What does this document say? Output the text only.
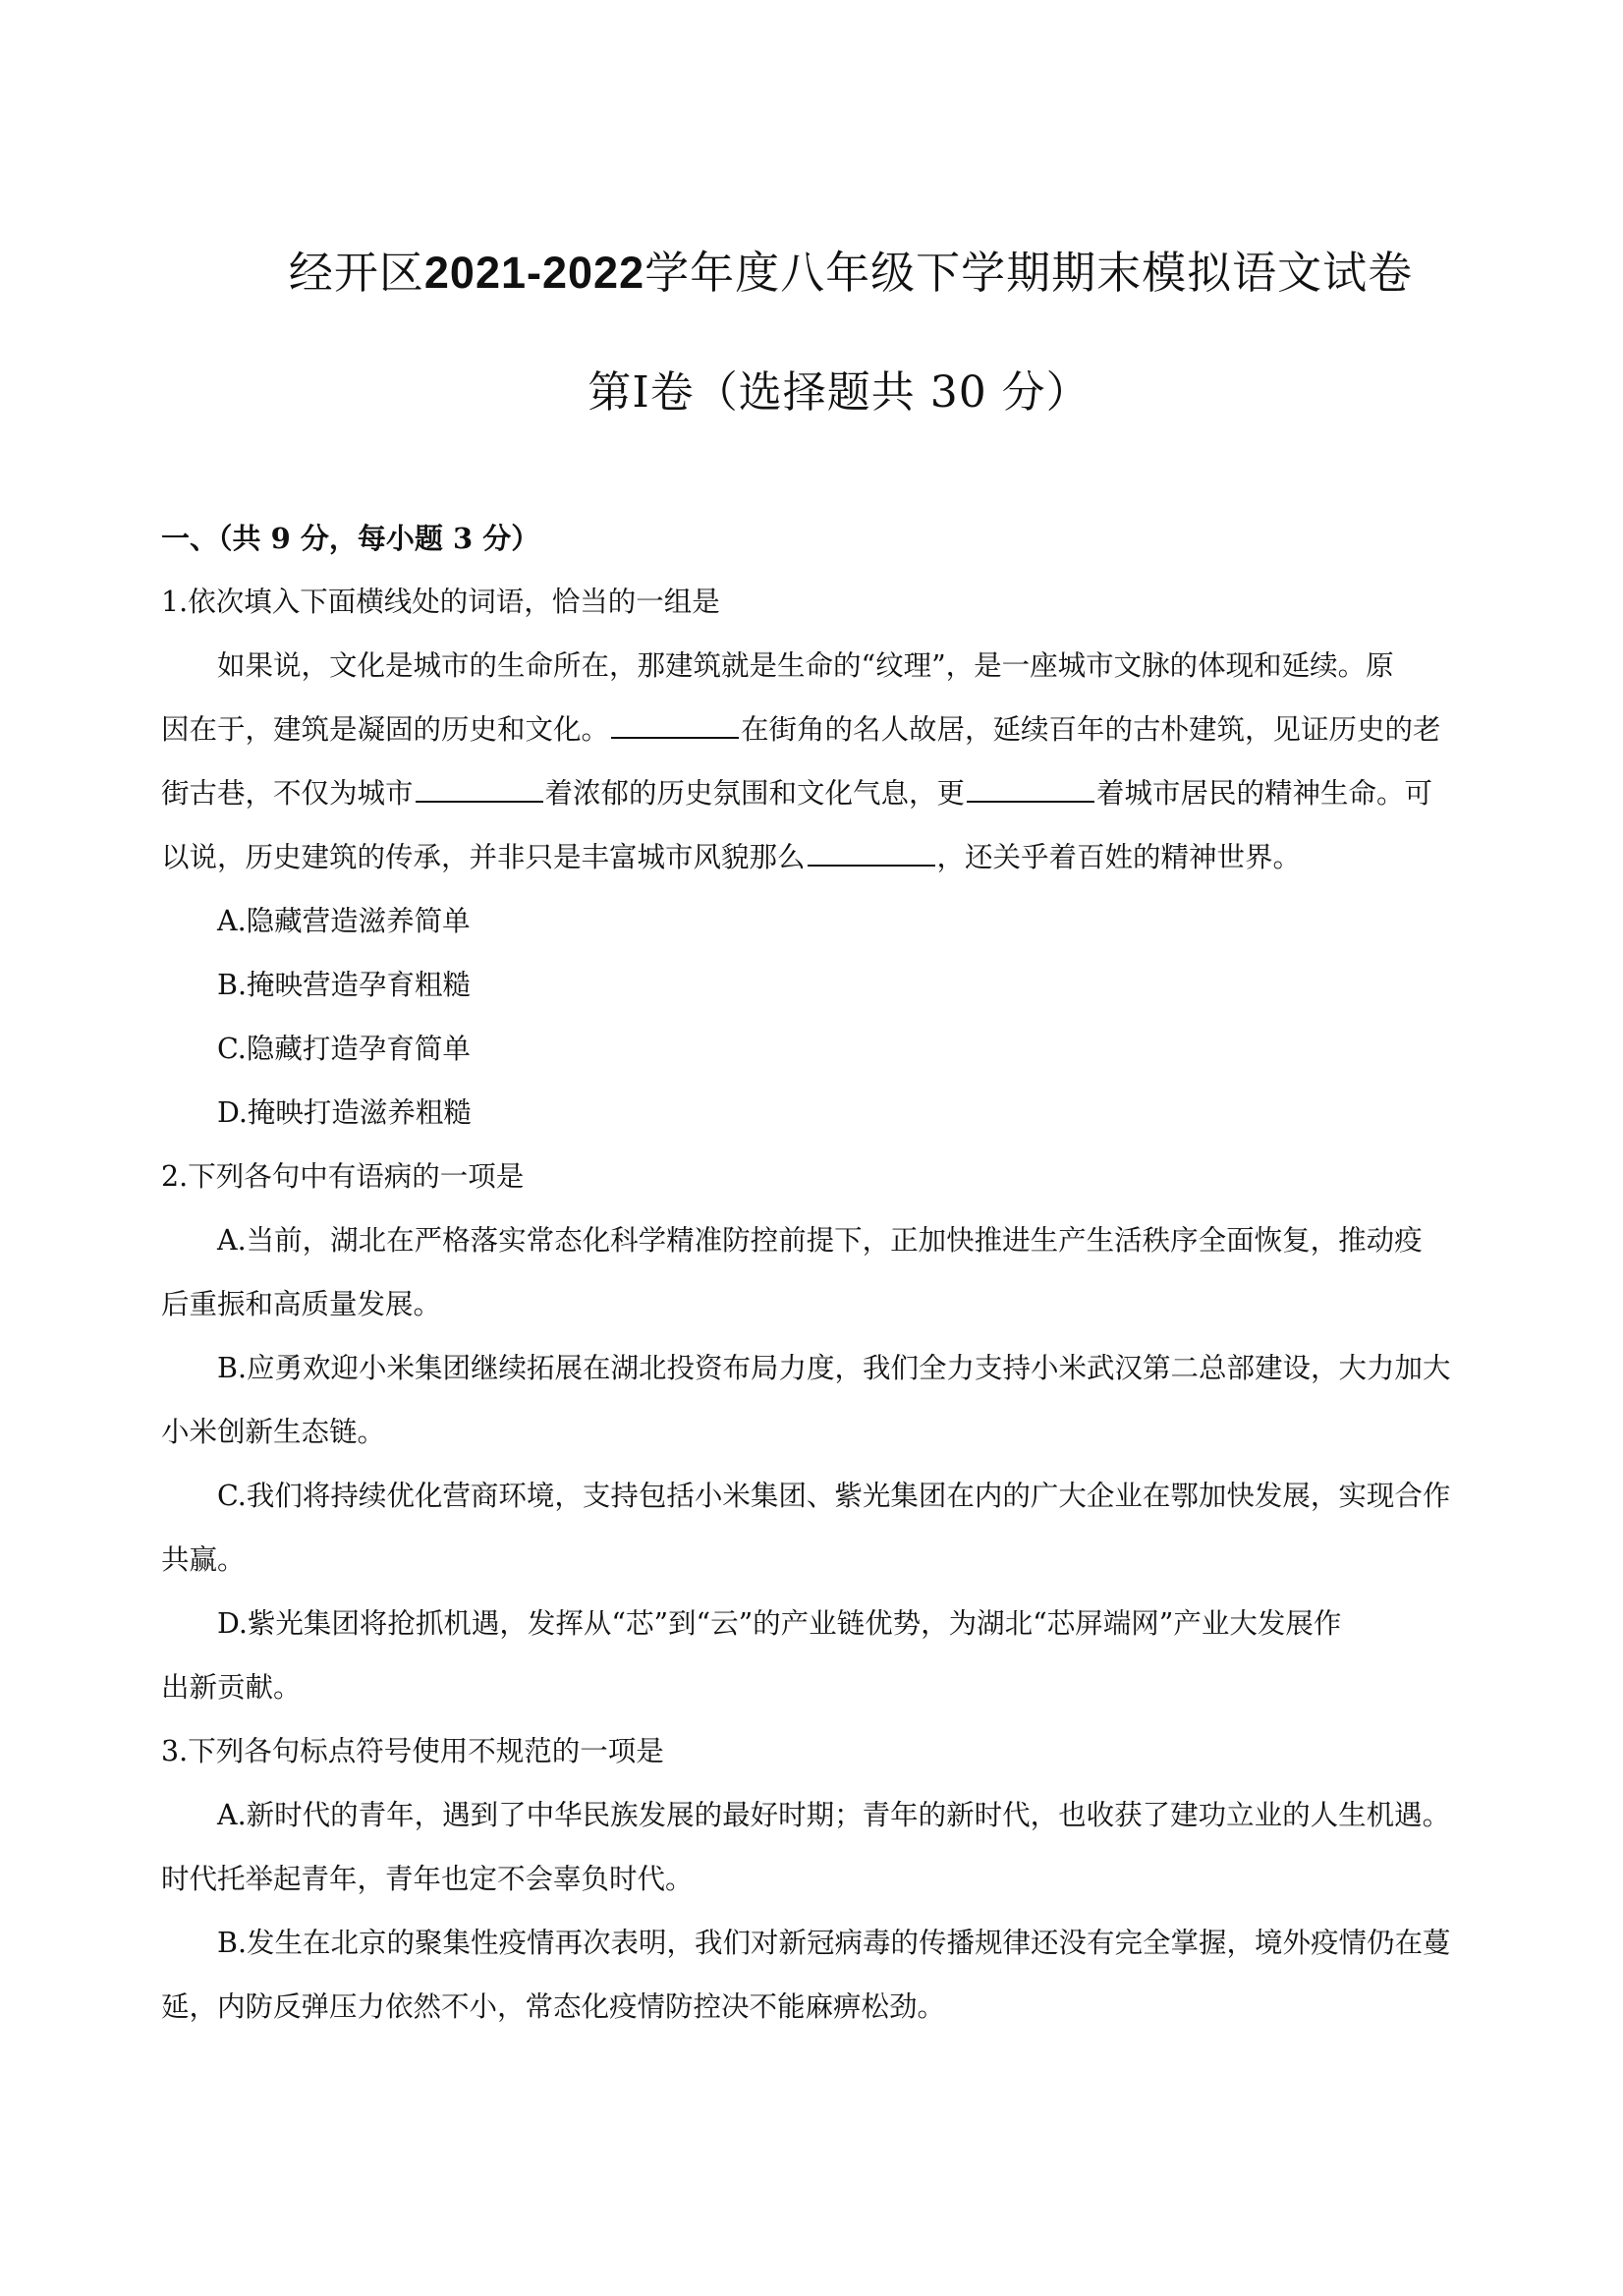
经开区2021-2022学年度八年级下学期期末模拟语文试卷
第Ⅰ卷（选择题共 30 分）
一、（共 9 分，每小题 3 分）
1.依次填入下面横线处的词语，恰当的一组是
如果说，文化是城市的生命所在，那建筑就是生命的“纹理”，是一座城市文脉的体现和延续。原
因在于，建筑是凝固的历史和文化。	在街角的名人故居，延续百年的古朴建筑，见证历史的老
街古巷，不仅为城市	着浓郁的历史氛围和文化气息，更	着城市居民的精神生命。可
以说，历史建筑的传承，并非只是丰富城市风貌那么	，还关乎着百姓的精神世界。
A.隐藏营造滋养简单
B.掩映营造孕育粗糙
C.隐藏打造孕育简单
D.掩映打造滋养粗糙
2.下列各句中有语病的一项是
A.当前，湖北在严格落实常态化科学精准防控前提下，正加快推进生产生活秩序全面恢复，推动疫
后重振和高质量发展。
B.应勇欢迎小米集团继续拓展在湖北投资布局力度，我们全力支持小米武汉第二总部建设，大力加大
小米创新生态链。
C.我们将持续优化营商环境，支持包括小米集团、紫光集团在内的广大企业在鄂加快发展，实现合作
共赢。
D.紫光集团将抢抓机遇，发挥从“芯”到“云”的产业链优势，为湖北“芯屏端网”产业大发展作
出新贡献。
3.下列各句标点符号使用不规范的一项是
A.新时代的青年，遇到了中华民族发展的最好时期；青年的新时代，也收获了建功立业的人生机遇。
时代托举起青年，青年也定不会辜负时代。
B.发生在北京的聚集性疫情再次表明，我们对新冠病毒的传播规律还没有完全掌握，境外疫情仍在蔓
延，内防反弹压力依然不小，常态化疫情防控决不能麻痹松劲。
